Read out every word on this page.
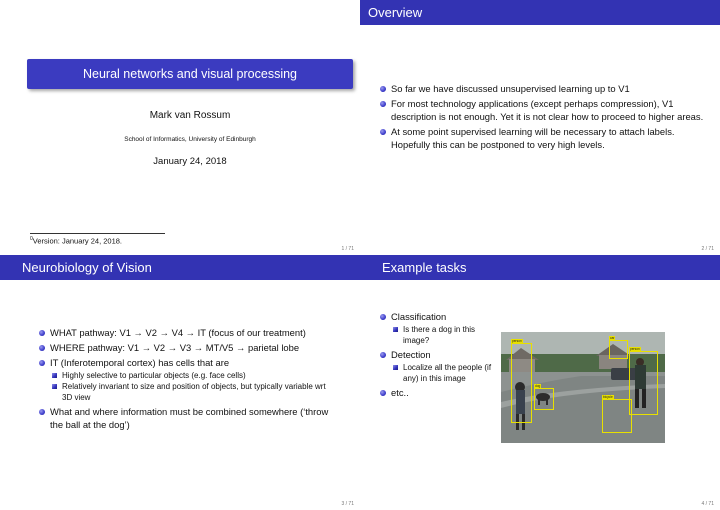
Neural networks and visual processing
Mark van Rossum
School of Informatics, University of Edinburgh
January 24, 2018
$^0$Version: January 24, 2018.
1 / 71
Overview
So far we have discussed unsupervised learning up to V1
For most technology applications (except perhaps compression), V1 description is not enough. Yet it is not clear how to proceed to higher areas.
At some point supervised learning will be necessary to attach labels. Hopefully this can be postponed to very high levels.
2 / 71
Neurobiology of Vision
WHAT pathway: V1 → V2 → V4 → IT (focus of our treatment)
WHERE pathway: V1 → V2 → V3 → MT/V5 → parietal lobe
IT (Inferotemporal cortex) has cells that are
Highly selective to particular objects (e.g. face cells)
Relatively invariant to size and position of objects, but typically variable wrt 3D view
What and where information must be combined somewhere (‘throw the ball at the dog’)
3 / 71
Example tasks
Classification
Is there a dog in this image?
Detection
Localize all the people (if any) in this image
etc..
person
person
dog
car
bicycle
4 / 71
